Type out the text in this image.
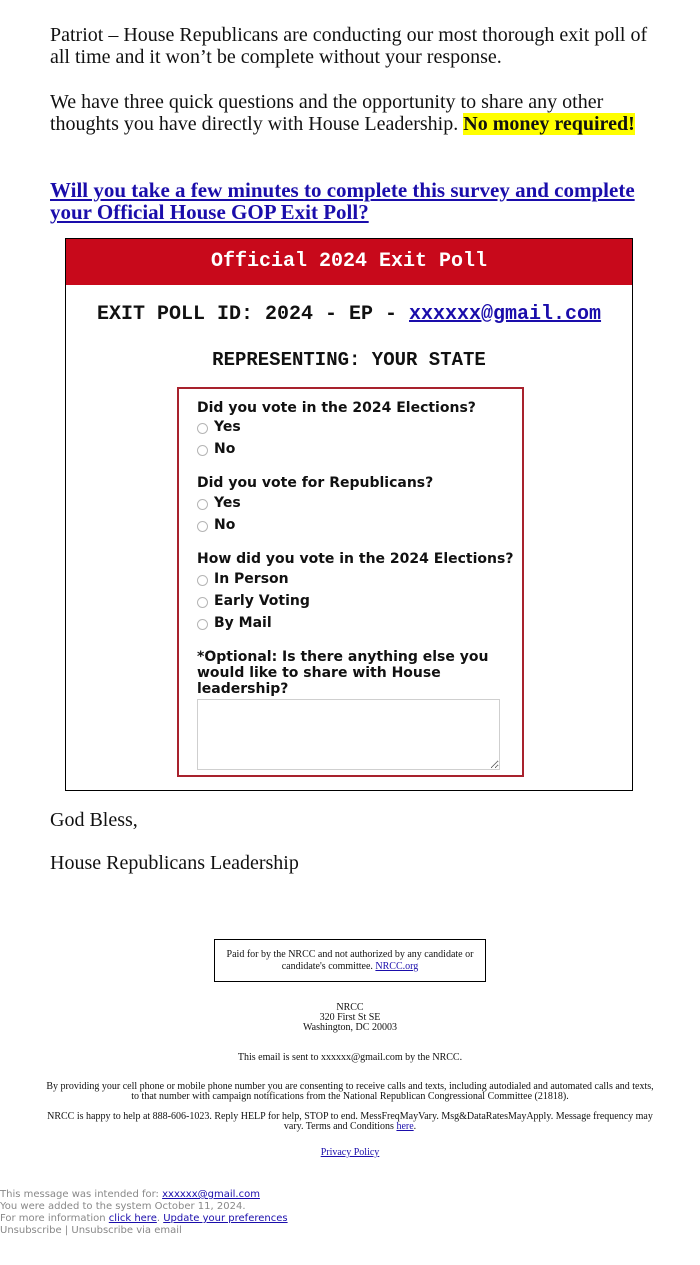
Patriot – House Republicans are conducting our most thorough exit poll of all time and it won’t be complete without your response.

We have three quick questions and the opportunity to share any other thoughts you have directly with House Leadership. No money required!

Will you take a few minutes to complete this survey and complete your Official House GOP Exit Poll?
Official 2024 Exit Poll
EXIT POLL ID: 2024 - EP - xxxxxx@gmail.com
REPRESENTING: YOUR STATE
Did you vote in the 2024 Elections?
Yes
No
Did you vote for Republicans?
Yes
No
How did you vote in the 2024 Elections?
In Person
Early Voting
By Mail
*Optional: Is there anything else you would like to share with House leadership?
God Bless,
House Republicans Leadership
Paid for by the NRCC and not authorized by any candidate or candidate's committee. NRCC.org
NRCC
320 First St SE
Washington, DC 20003
This email is sent to xxxxxx@gmail.com by the NRCC.
By providing your cell phone or mobile phone number you are consenting to receive calls and texts, including autodialed and automated calls and texts, to that number with campaign notifications from the National Republican Congressional Committee (21818).
NRCC is happy to help at 888-606-1023. Reply HELP for help, STOP to end. MessFreqMayVary. Msg&DataRatesMayApply. Message frequency may vary. Terms and Conditions here.
Privacy Policy
This message was intended for: xxxxxx@gmail.com
You were added to the system October 11, 2024.
For more information click here. Update your preferences
Unsubscribe | Unsubscribe via email
